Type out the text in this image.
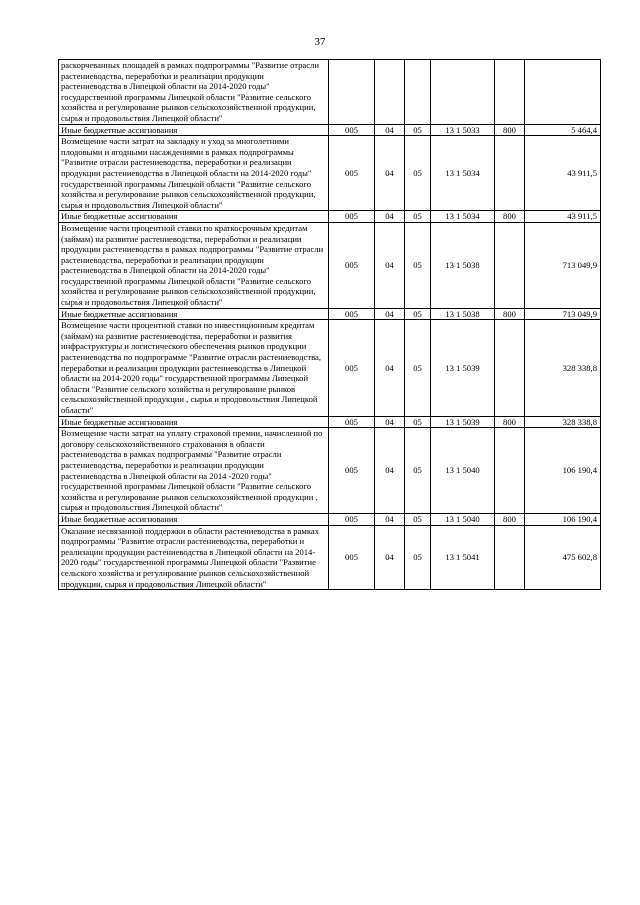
37
раскорчеванных площадей в рамках подпрограммы "Развитие отрасли растениеводства, переработки и реализации продукции растениеводства в Липецкой области на 2014-2020 годы" государственной программы Липецкой области "Развитие сельского хозяйства и регулирование рынков сельскохозяйственной продукции, сырья и продовольствия Липецкой области"						
Иные бюджетные ассигнования	005	04	05	13 1 5033	800	5 464,4
Возмещение части затрат на закладку и уход за многолетними плодовыми и ягодными насаждениями в рамках подпрограммы "Развитие отрасли растениеводства, переработки и реализации продукции растениеводства в Липецкой области на 2014-2020 годы" государственной программы Липецкой области "Развитие сельского хозяйства и регулирование рынков сельскохозяйственной продукции, сырья и продовольствия Липецкой области"	005	04	05	13 1 5034		43 911,5
Иные бюджетные ассигнования	005	04	05	13 1 5034	800	43 911,5
Возмещение части процентной ставки по краткосрочным кредитам (займам) на развитие растениеводства, переработки и реализации продукции растениеводства в рамках подпрограммы "Развитие отрасли растениеводства, переработки и реализации продукции растениеводства в Липецкой области на 2014-2020 годы" государственной программы Липецкой области "Развитие сельского хозяйства и регулирование рынков сельскохозяйственной продукции, сырья и продовольствия Липецкой области"	005	04	05	13 1 5038		713 049,9
Иные бюджетные ассигнования	005	04	05	13 1 5038	800	713 049,9
Возмещение части процентной ставки по инвестиционным кредитам (займам) на развитие растениеводства, переработки и развития инфраструктуры и логистического обеспечения рынков продукции растениеводства по подпрограмме "Развитие отрасли растениеводства, переработки и реализации продукции растениеводства в Липецкой области на 2014-2020 годы" государственной программы Липецкой области "Развитие сельского хозяйства и регулирование рынков сельскохозяйственной продукции , сырья и продовольствия Липецкой области"	005	04	05	13 1 5039		328 338,8
Иные бюджетные ассигнования	005	04	05	13 1 5039	800	328 338,8
Возмещение части затрат на уплату страховой премии, начисленной по договору сельскохозяйственного страхования в области растениеводства в рамках подпрограммы "Развитие отрасли растениеводства, переработки и реализации продукции растениеводства в Липецкой области на 2014 -2020 годы" государственной программы Липецкой области "Развитие сельского хозяйства и регулирование рынков сельскохозяйственной продукции , сырья и продовольствия Липецкой области"	005	04	05	13 1 5040		106 190,4
Иные бюджетные ассигнования	005	04	05	13 1 5040	800	106 190,4
Оказание несвязанной поддержки в области растениеводства в рамках подпрограммы "Развитие отрасли растениеводства, переработки и реализации продукции растениеводства в Липецкой области на 2014-2020 годы" государственной программы Липецкой области "Развитие сельского хозяйства и регулирование рынков сельскохозяйственной продукции, сырья и продовольствия Липецкой области"	005	04	05	13 1 5041		475 602,8
